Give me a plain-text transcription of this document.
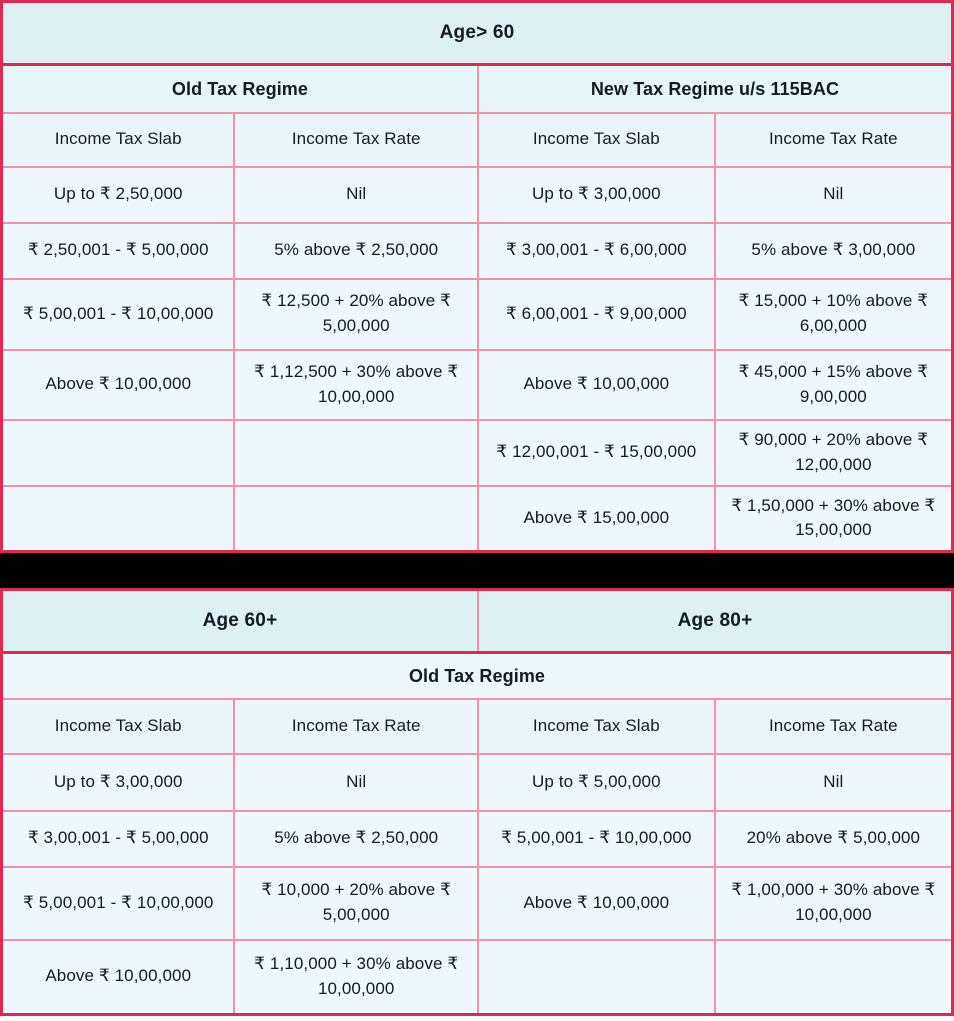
Age> 60			
Old Tax Regime		New Tax Regime u/s 115BAC	
Income Tax Slab	Income Tax Rate	Income Tax Slab	Income Tax Rate
Up to ₹ 2,50,000	Nil	Up to ₹ 3,00,000	Nil
₹ 2,50,001 - ₹ 5,00,000	5% above ₹ 2,50,000	₹ 3,00,001 - ₹ 6,00,000	5% above ₹ 3,00,000
₹ 5,00,001 - ₹ 10,00,000	₹ 12,500 + 20% above ₹ 5,00,000	₹ 6,00,001 - ₹ 9,00,000	₹ 15,000 + 10% above ₹ 6,00,000
Above ₹ 10,00,000	₹ 1,12,500 + 30% above ₹ 10,00,000	Above ₹ 10,00,000	₹ 45,000 + 15% above ₹ 9,00,000
		₹ 12,00,001 - ₹ 15,00,000	₹ 90,000 + 20% above ₹ 12,00,000
		Above ₹ 15,00,000	₹ 1,50,000 + 30% above ₹ 15,00,000
Age 60+		Age 80+	
Old Tax Regime			
Income Tax Slab	Income Tax Rate	Income Tax Slab	Income Tax Rate
Up to ₹ 3,00,000	Nil	Up to ₹ 5,00,000	Nil
₹ 3,00,001 - ₹ 5,00,000	5% above ₹ 2,50,000	₹ 5,00,001 - ₹ 10,00,000	20% above ₹ 5,00,000
₹ 5,00,001 - ₹ 10,00,000	₹ 10,000 + 20% above ₹ 5,00,000	Above ₹ 10,00,000	₹ 1,00,000 + 30% above ₹ 10,00,000
Above ₹ 10,00,000	₹ 1,10,000 + 30% above ₹ 10,00,000		
